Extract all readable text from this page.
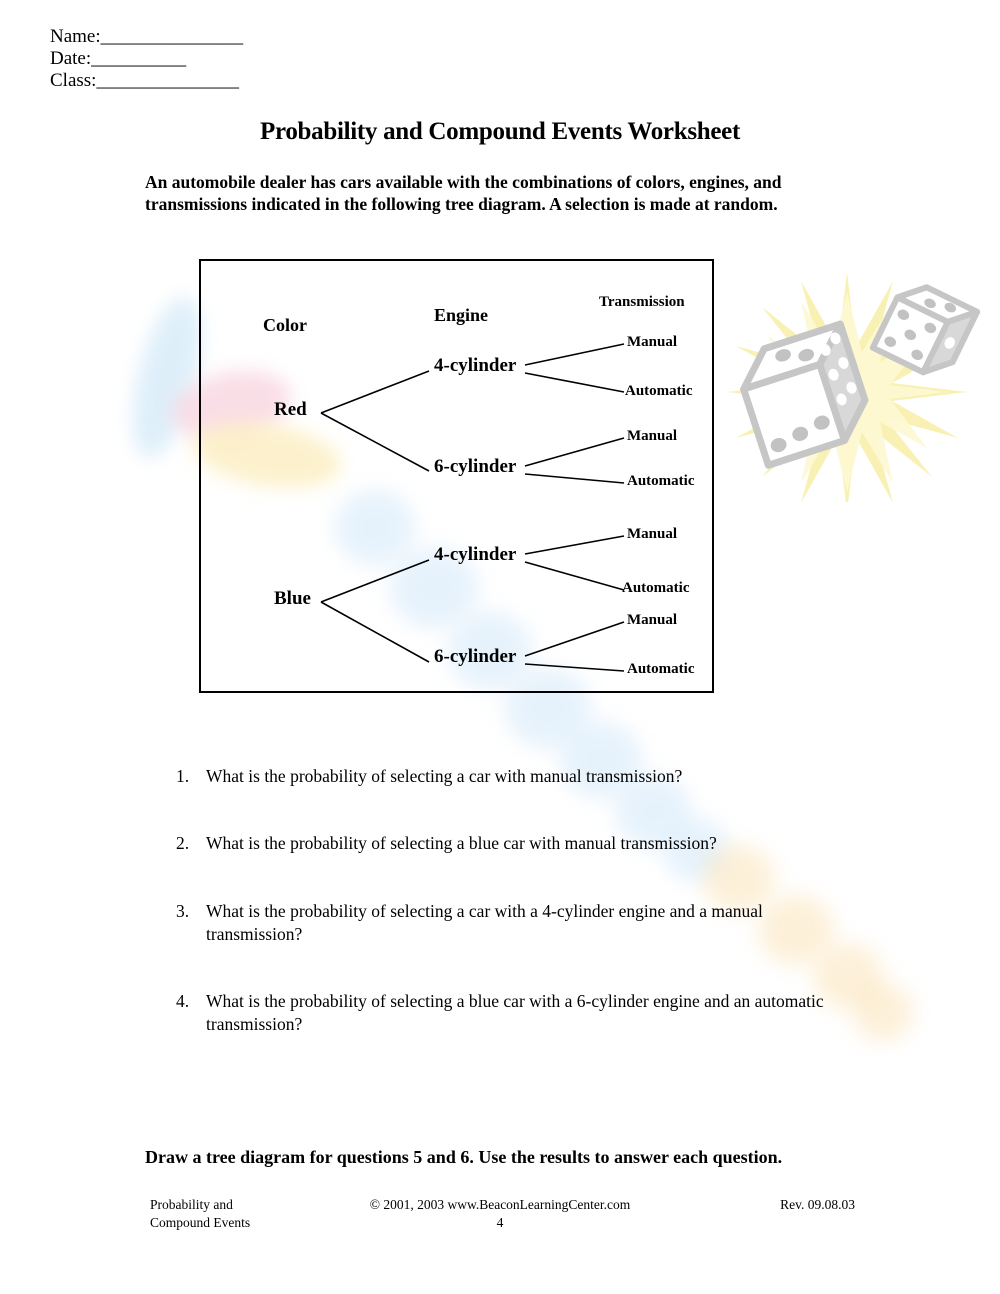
Name:_______________
Date:__________
Class:_______________
Probability and Compound Events Worksheet
An automobile dealer has cars available with the combinations of colors, engines, and transmissions indicated in the following tree diagram. A selection is made at random.
Color	Engine
Transmission
Red
Blue
4-cylinder
6-cylinder
4-cylinder
6-cylinder
Manual
Automatic
Manual
Automatic
Manual
Automatic
Manual
Automatic
1. What is the probability of selecting a car with manual transmission?
2. What is the probability of selecting a blue car with manual transmission?
3. What is the probability of selecting a car with a 4-cylinder engine and a manual transmission?
4. What is the probability of selecting a blue car with a 6-cylinder engine and an automatic transmission?
Draw a tree diagram for questions 5 and 6. Use the results to answer each question.
Probability and
Compound Events
© 2001, 2003 www.BeaconLearningCenter.com
4
Rev. 09.08.03
